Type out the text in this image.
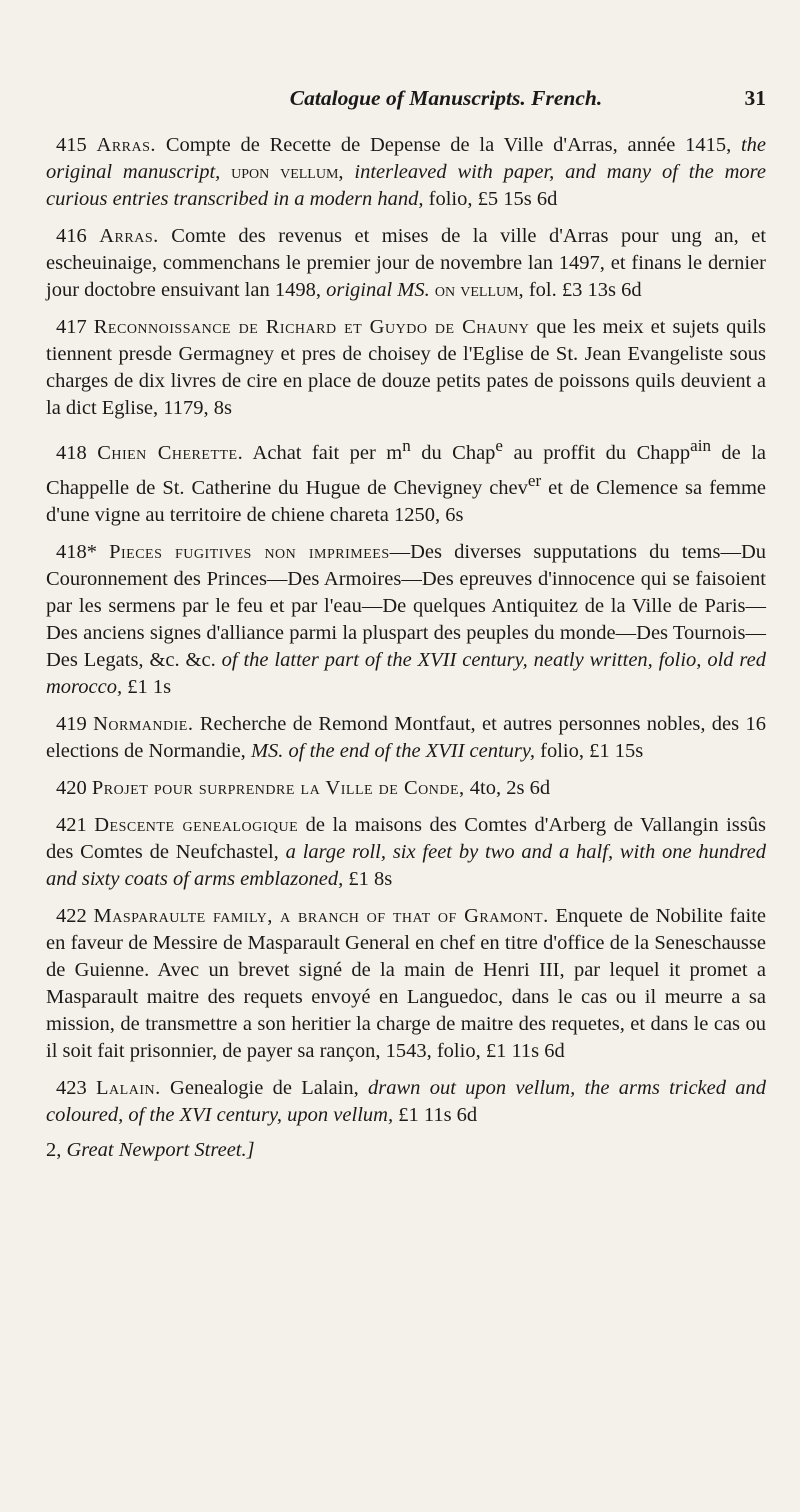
Catalogue of Manuscripts. French.	31

415 Arras. Compte de Recette de Depense de la Ville d'Arras, année 1415, the original manuscript, upon vellum, interleaved with paper, and many of the more curious entries transcribed in a modern hand, folio, £5 15s 6d

416 Arras. Comte des revenus et mises de la ville d'Arras pour ung an, et escheuinaige, commenchans le premier jour de novembre lan 1497, et finans le dernier jour doctobre ensuivant lan 1498, original MS. on vellum, fol. £3 13s 6d

417 Reconnoissance de Richard et Guydo de Chauny que les meix et sujets quils tiennent presde Germagney et pres de choisey de l'Eglise de St. Jean Evangeliste sous charges de dix livres de cire en place de douze petits pates de poissons quils deuvient a la dict Eglise, 1179, 8s

418 Chien Cherette. Achat fait per $m^n$ du Chap$^e$ au proffit du Chapp$^{ain}$ de la Chappelle de St. Catherine du Hugue de Chevigney chev$^{er}$ et de Clemence sa femme d'une vigne au territoire de chiene chareta 1250, 6s

418* Pieces fugitives non imprimees—Des diverses supputations du tems—Du Couronnement des Princes—Des Armoires—Des epreuves d'innocence qui se faisoient par les sermens par le feu et par l'eau—De quelques Antiquitez de la Ville de Paris—Des anciens signes d'alliance parmi la pluspart des peuples du monde—Des Tournois—Des Legats, &c. &c. of the latter part of the XVII century, neatly written, folio, old red morocco, £1 1s

419 Normandie. Recherche de Remond Montfaut, et autres personnes nobles, des 16 elections de Normandie, MS. of the end of the XVII century, folio, £1 15s

420 Projet pour surprendre la Ville de Conde, 4to, 2s 6d

421 Descente genealogique de la maisons des Comtes d'Arberg de Vallangin issûs des Comtes de Neufchastel, a large roll, six feet by two and a half, with one hundred and sixty coats of arms emblazoned, £1 8s

422 Masparaulte family, a branch of that of Gramont. Enquete de Nobilite faite en faveur de Messire de Masparault General en chef en titre d'office de la Seneschausse de Guienne. Avec un brevet signé de la main de Henri III, par lequel it promet a Masparault maitre des requets envoyé en Languedoc, dans le cas ou il meurre a sa mission, de transmettre a son heritier la charge de maitre des requetes, et dans le cas ou il soit fait prisonnier, de payer sa rançon, 1543, folio, £1 11s 6d

423 Lalain. Genealogie de Lalain, drawn out upon vellum, the arms tricked and coloured, of the XVI century, upon vellum, £1 11s 6d

2, Great Newport Street.]
